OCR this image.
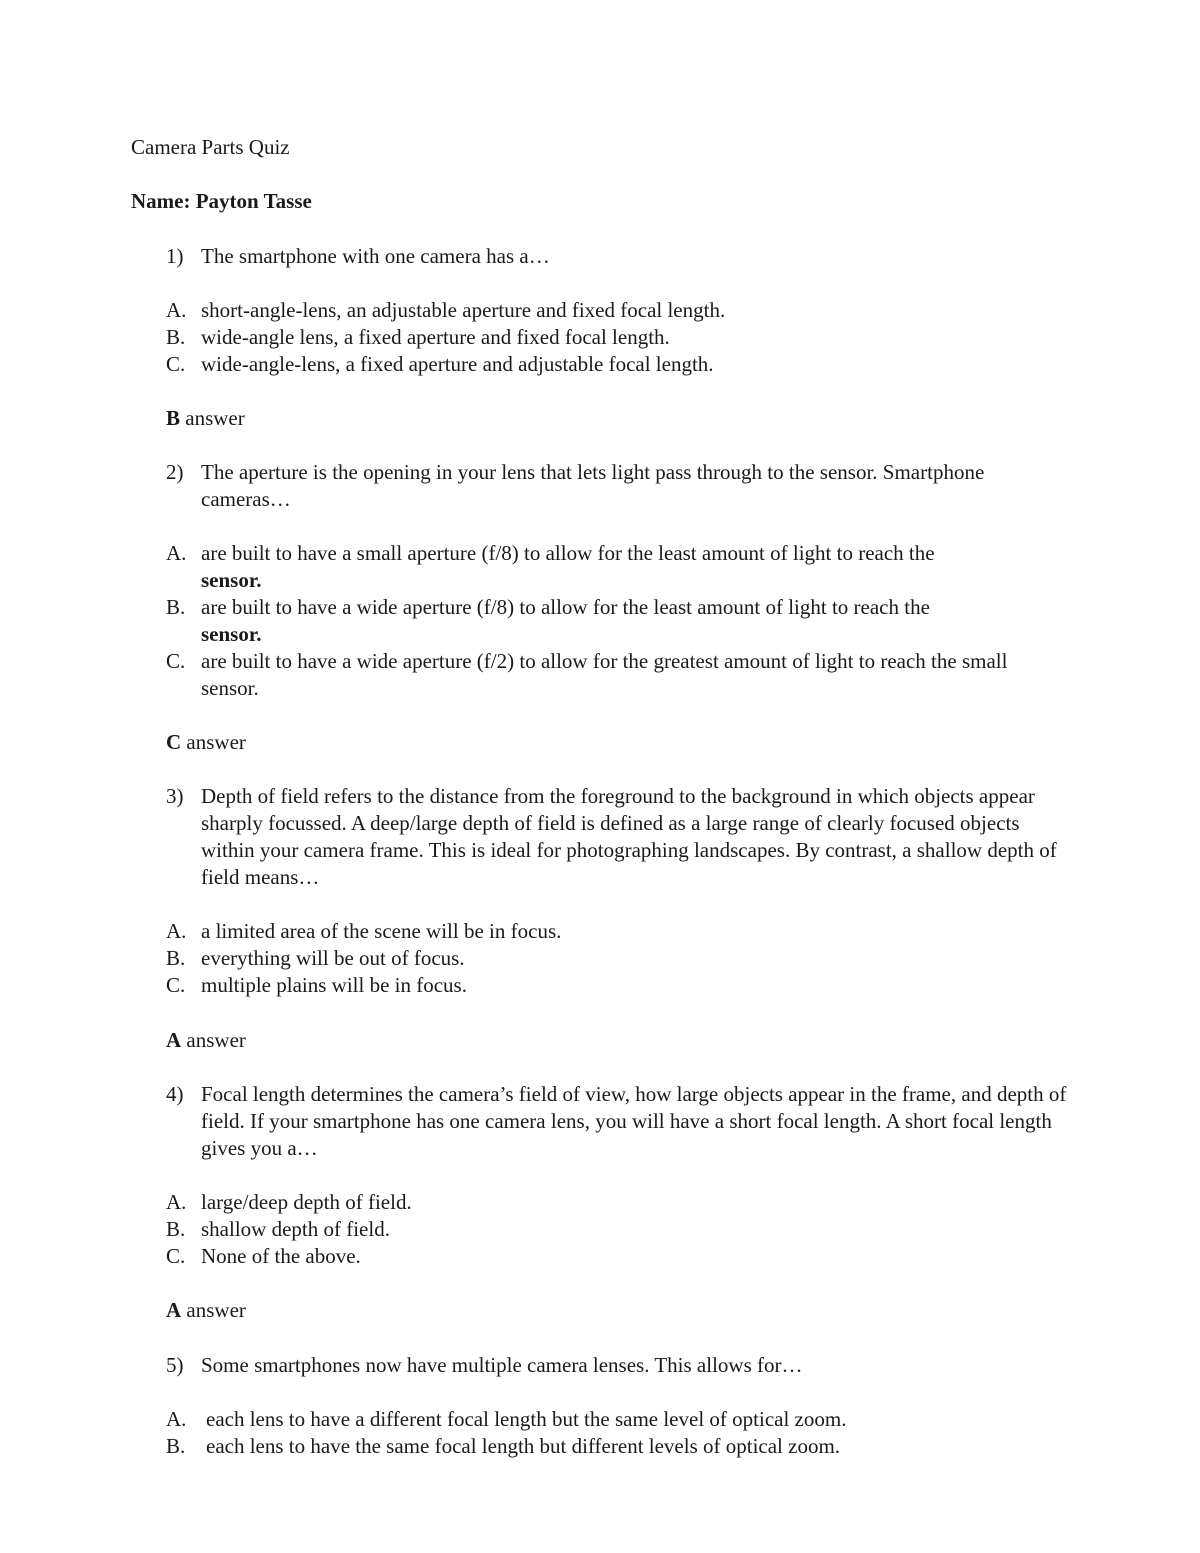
Camera Parts Quiz
Name: Payton Tasse
1) The smartphone with one camera has a…
A. short-angle-lens, an adjustable aperture and fixed focal length.
B. wide-angle lens, a fixed aperture and fixed focal length.
C. wide-angle-lens, a fixed aperture and adjustable focal length.
B answer
2) The aperture is the opening in your lens that lets light pass through to the sensor. Smartphone cameras…
A. are built to have a small aperture (f/8) to allow for the least amount of light to reach the
sensor.
B. are built to have a wide aperture (f/8) to allow for the least amount of light to reach the
sensor.
C. are built to have a wide aperture (f/2) to allow for the greatest amount of light to reach the small sensor.
C answer
3) Depth of field refers to the distance from the foreground to the background in which objects appear sharply focussed. A deep/large depth of field is defined as a large range of clearly focused objects within your camera frame. This is ideal for photographing landscapes. By contrast, a shallow depth of field means…
A. a limited area of the scene will be in focus.
B. everything will be out of focus.
C. multiple plains will be in focus.
A answer
4) Focal length determines the camera’s field of view, how large objects appear in the frame, and depth of field. If your smartphone has one camera lens, you will have a short focal length. A short focal length gives you a…
A. large/deep depth of field.
B. shallow depth of field.
C. None of the above.
A answer
5) Some smartphones now have multiple camera lenses. This allows for…
A. each lens to have a different focal length but the same level of optical zoom.
B. each lens to have the same focal length but different levels of optical zoom.
